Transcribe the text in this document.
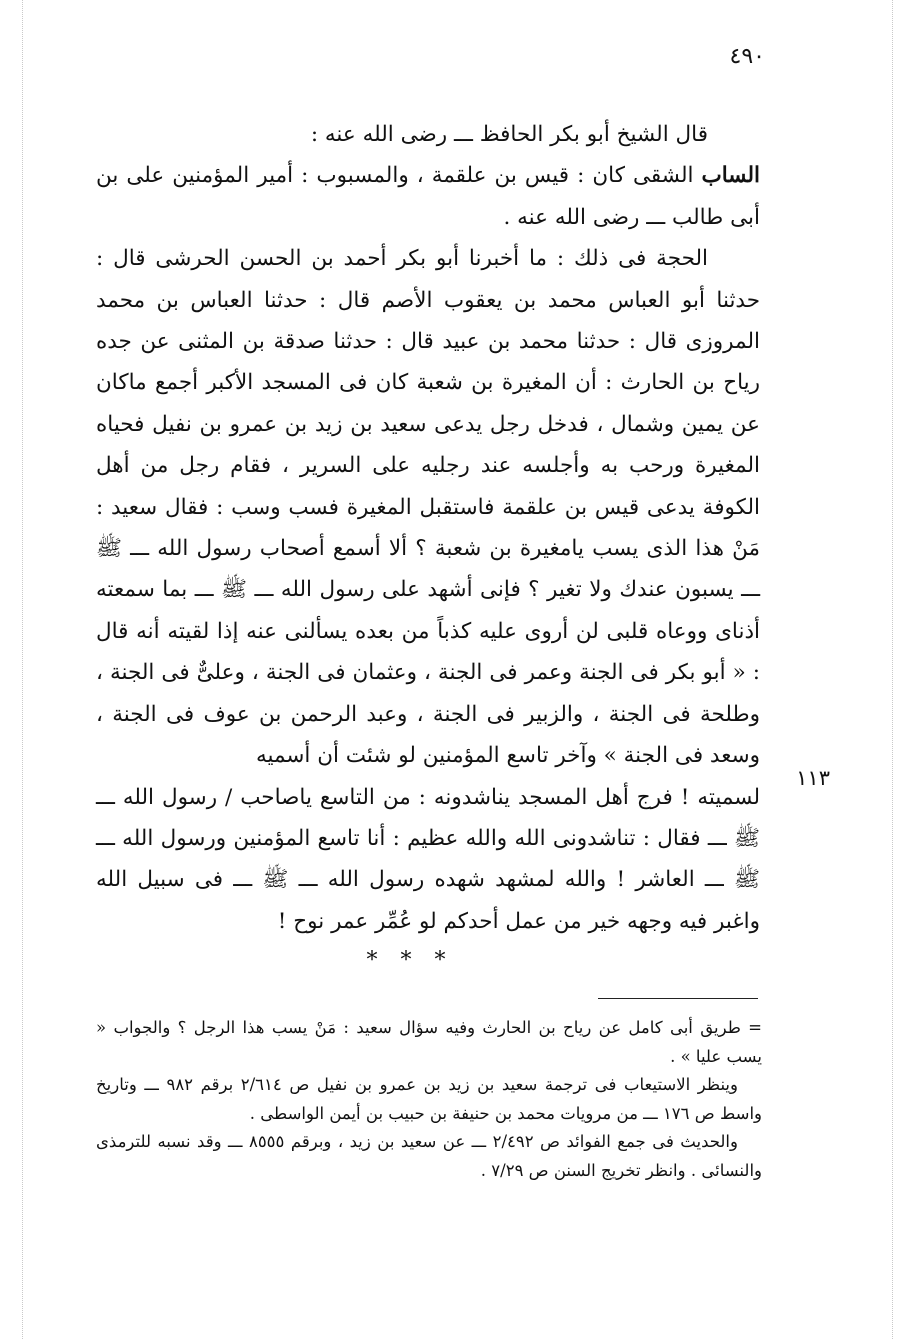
٤٩٠

قال الشيخ أبو بكر الحافظ ـــ رضى الله عنه :

الساب الشقى كان : قيس بن علقمة ، والمسبوب : أمير المؤمنين على بن أبى طالب ـــ رضى الله عنه .

الحجة فى ذلك : ما أخبرنا أبو بكر أحمد بن الحسن الحرشى قال : حدثنا أبو العباس محمد بن يعقوب الأصم قال : حدثنا العباس بن محمد المروزى قال : حدثنا محمد بن عبيد قال : حدثنا صدقة بن المثنى عن جده رياح بن الحارث : أن المغيرة بن شعبة كان فى المسجد الأكبر أجمع ماكان عن يمين وشمال ، فدخل رجل يدعى سعيد بن زيد بن عمرو بن نفيل فحياه المغيرة ورحب به وأجلسه عند رجليه على السرير ، فقام رجل من أهل الكوفة يدعى قيس بن علقمة فاستقبل المغيرة فسب وسب : فقال سعيد : مَنْ هذا الذى يسب يامغيرة بن شعبة ؟ ألا أسمع أصحاب رسول الله ـــ ﷺ ـــ يسبون عندك ولا تغير ؟ فإنى أشهد على رسول الله ـــ ﷺ ـــ بما سمعته أذناى ووعاه قلبى لن أروى عليه كذباً من بعده يسألنى عنه إذا لقيته أنه قال : « أبو بكر فى الجنة وعمر فى الجنة ، وعثمان فى الجنة ، وعلىٌّ فى الجنة ، وطلحة فى الجنة ، والزبير فى الجنة ، وعبد الرحمن بن عوف فى الجنة ، وسعد فى الجنة » وآخر تاسع المؤمنين لو شئت أن أسميه

لسميته ! فرج أهل المسجد يناشدونه : من التاسع ياصاحب / رسول الله ـــ ﷺ ـــ فقال : تناشدونى الله والله عظيم : أنا تاسع المؤمنين ورسول الله ـــ ﷺ ـــ العاشر ! والله لمشهد شهده رسول الله ـــ ﷺ ـــ فى سبيل الله واغبر فيه وجهه خير من عمل أحدكم لو عُمِّر عمر نوح !

١١٣
* * *

= طريق أبى كامل عن رياح بن الحارث وفيه سؤال سعيد : مَنْ يسب هذا الرجل ؟ والجواب « يسب عليا » .

وينظر الاستيعاب فى ترجمة سعيد بن زيد بن عمرو بن نفيل ص ٢/٦١٤ برقم ٩٨٢ ـــ وتاريخ واسط ص ١٧٦ ـــ من مرويات محمد بن حنيفة بن حبيب بن أيمن الواسطى .

والحديث فى جمع الفوائد ص ٢/٤٩٢ ـــ عن سعيد بن زيد ، وبرقم ٨٥٥٥ ـــ وقد نسبه للترمذى والنسائى . وانظر تخريج السنن ص ٧/٢٩ .
